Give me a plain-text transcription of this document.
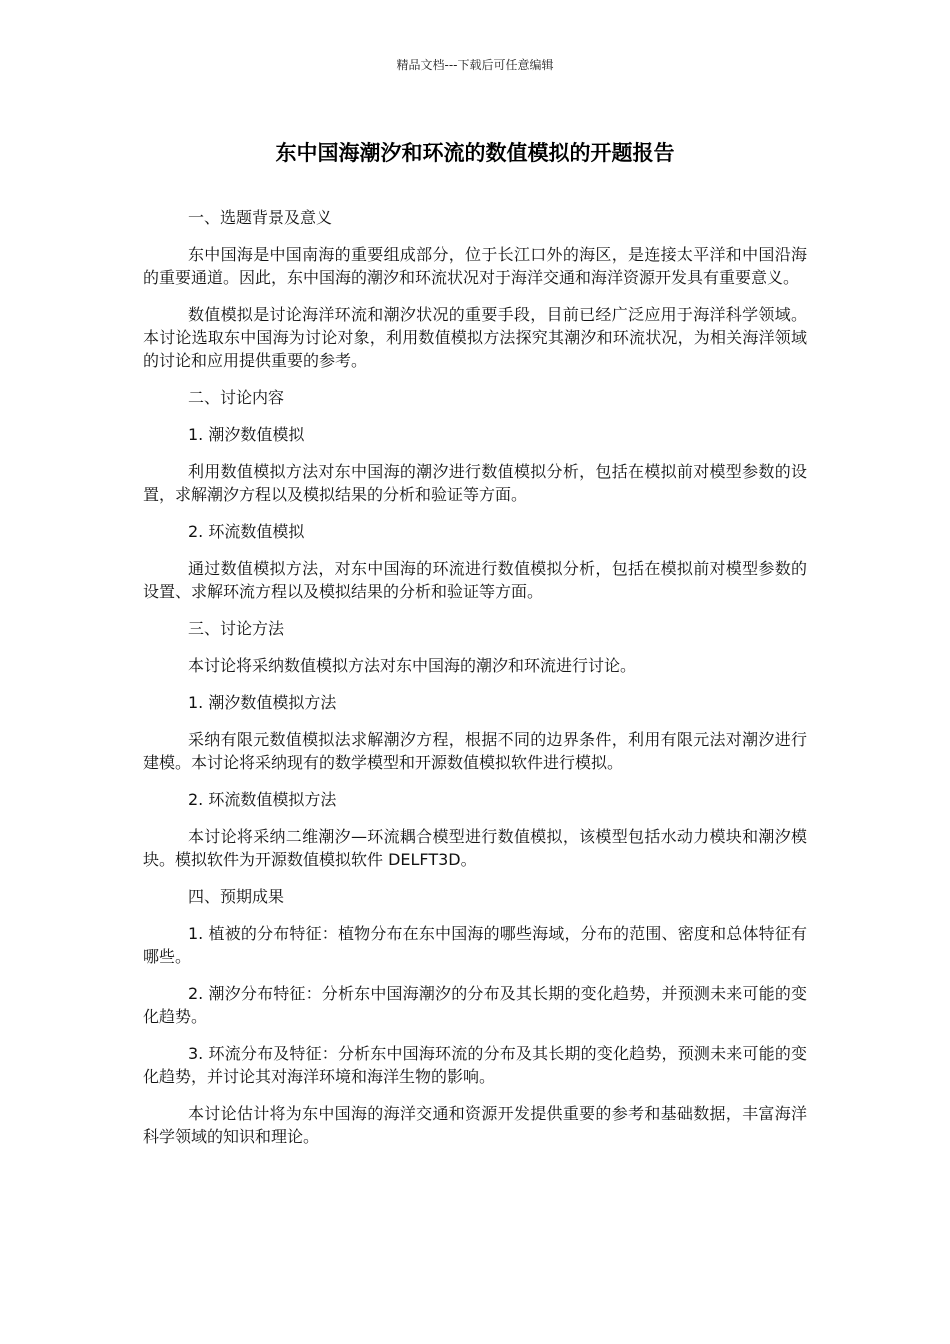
精品文档---下载后可任意编辑
东中国海潮汐和环流的数值模拟的开题报告

一、选题背景及意义

东中国海是中国南海的重要组成部分，位于长江口外的海区，是连接太平洋和中国沿海的重要通道。因此，东中国海的潮汐和环流状况对于海洋交通和海洋资源开发具有重要意义。

数值模拟是讨论海洋环流和潮汐状况的重要手段，目前已经广泛应用于海洋科学领域。本讨论选取东中国海为讨论对象，利用数值模拟方法探究其潮汐和环流状况，为相关海洋领域的讨论和应用提供重要的参考。

二、讨论内容

1. 潮汐数值模拟

利用数值模拟方法对东中国海的潮汐进行数值模拟分析，包括在模拟前对模型参数的设置，求解潮汐方程以及模拟结果的分析和验证等方面。

2. 环流数值模拟

通过数值模拟方法，对东中国海的环流进行数值模拟分析，包括在模拟前对模型参数的设置、求解环流方程以及模拟结果的分析和验证等方面。

三、讨论方法

本讨论将采纳数值模拟方法对东中国海的潮汐和环流进行讨论。

1. 潮汐数值模拟方法

采纳有限元数值模拟法求解潮汐方程，根据不同的边界条件，利用有限元法对潮汐进行建模。本讨论将采纳现有的数学模型和开源数值模拟软件进行模拟。

2. 环流数值模拟方法

本讨论将采纳二维潮汐—环流耦合模型进行数值模拟，该模型包括水动力模块和潮汐模块。模拟软件为开源数值模拟软件 DELFT3D。

四、预期成果

1. 植被的分布特征：植物分布在东中国海的哪些海域，分布的范围、密度和总体特征有哪些。

2. 潮汐分布特征：分析东中国海潮汐的分布及其长期的变化趋势，并预测未来可能的变化趋势。

3. 环流分布及特征：分析东中国海环流的分布及其长期的变化趋势，预测未来可能的变化趋势，并讨论其对海洋环境和海洋生物的影响。

本讨论估计将为东中国海的海洋交通和资源开发提供重要的参考和基础数据，丰富海洋科学领域的知识和理论。
